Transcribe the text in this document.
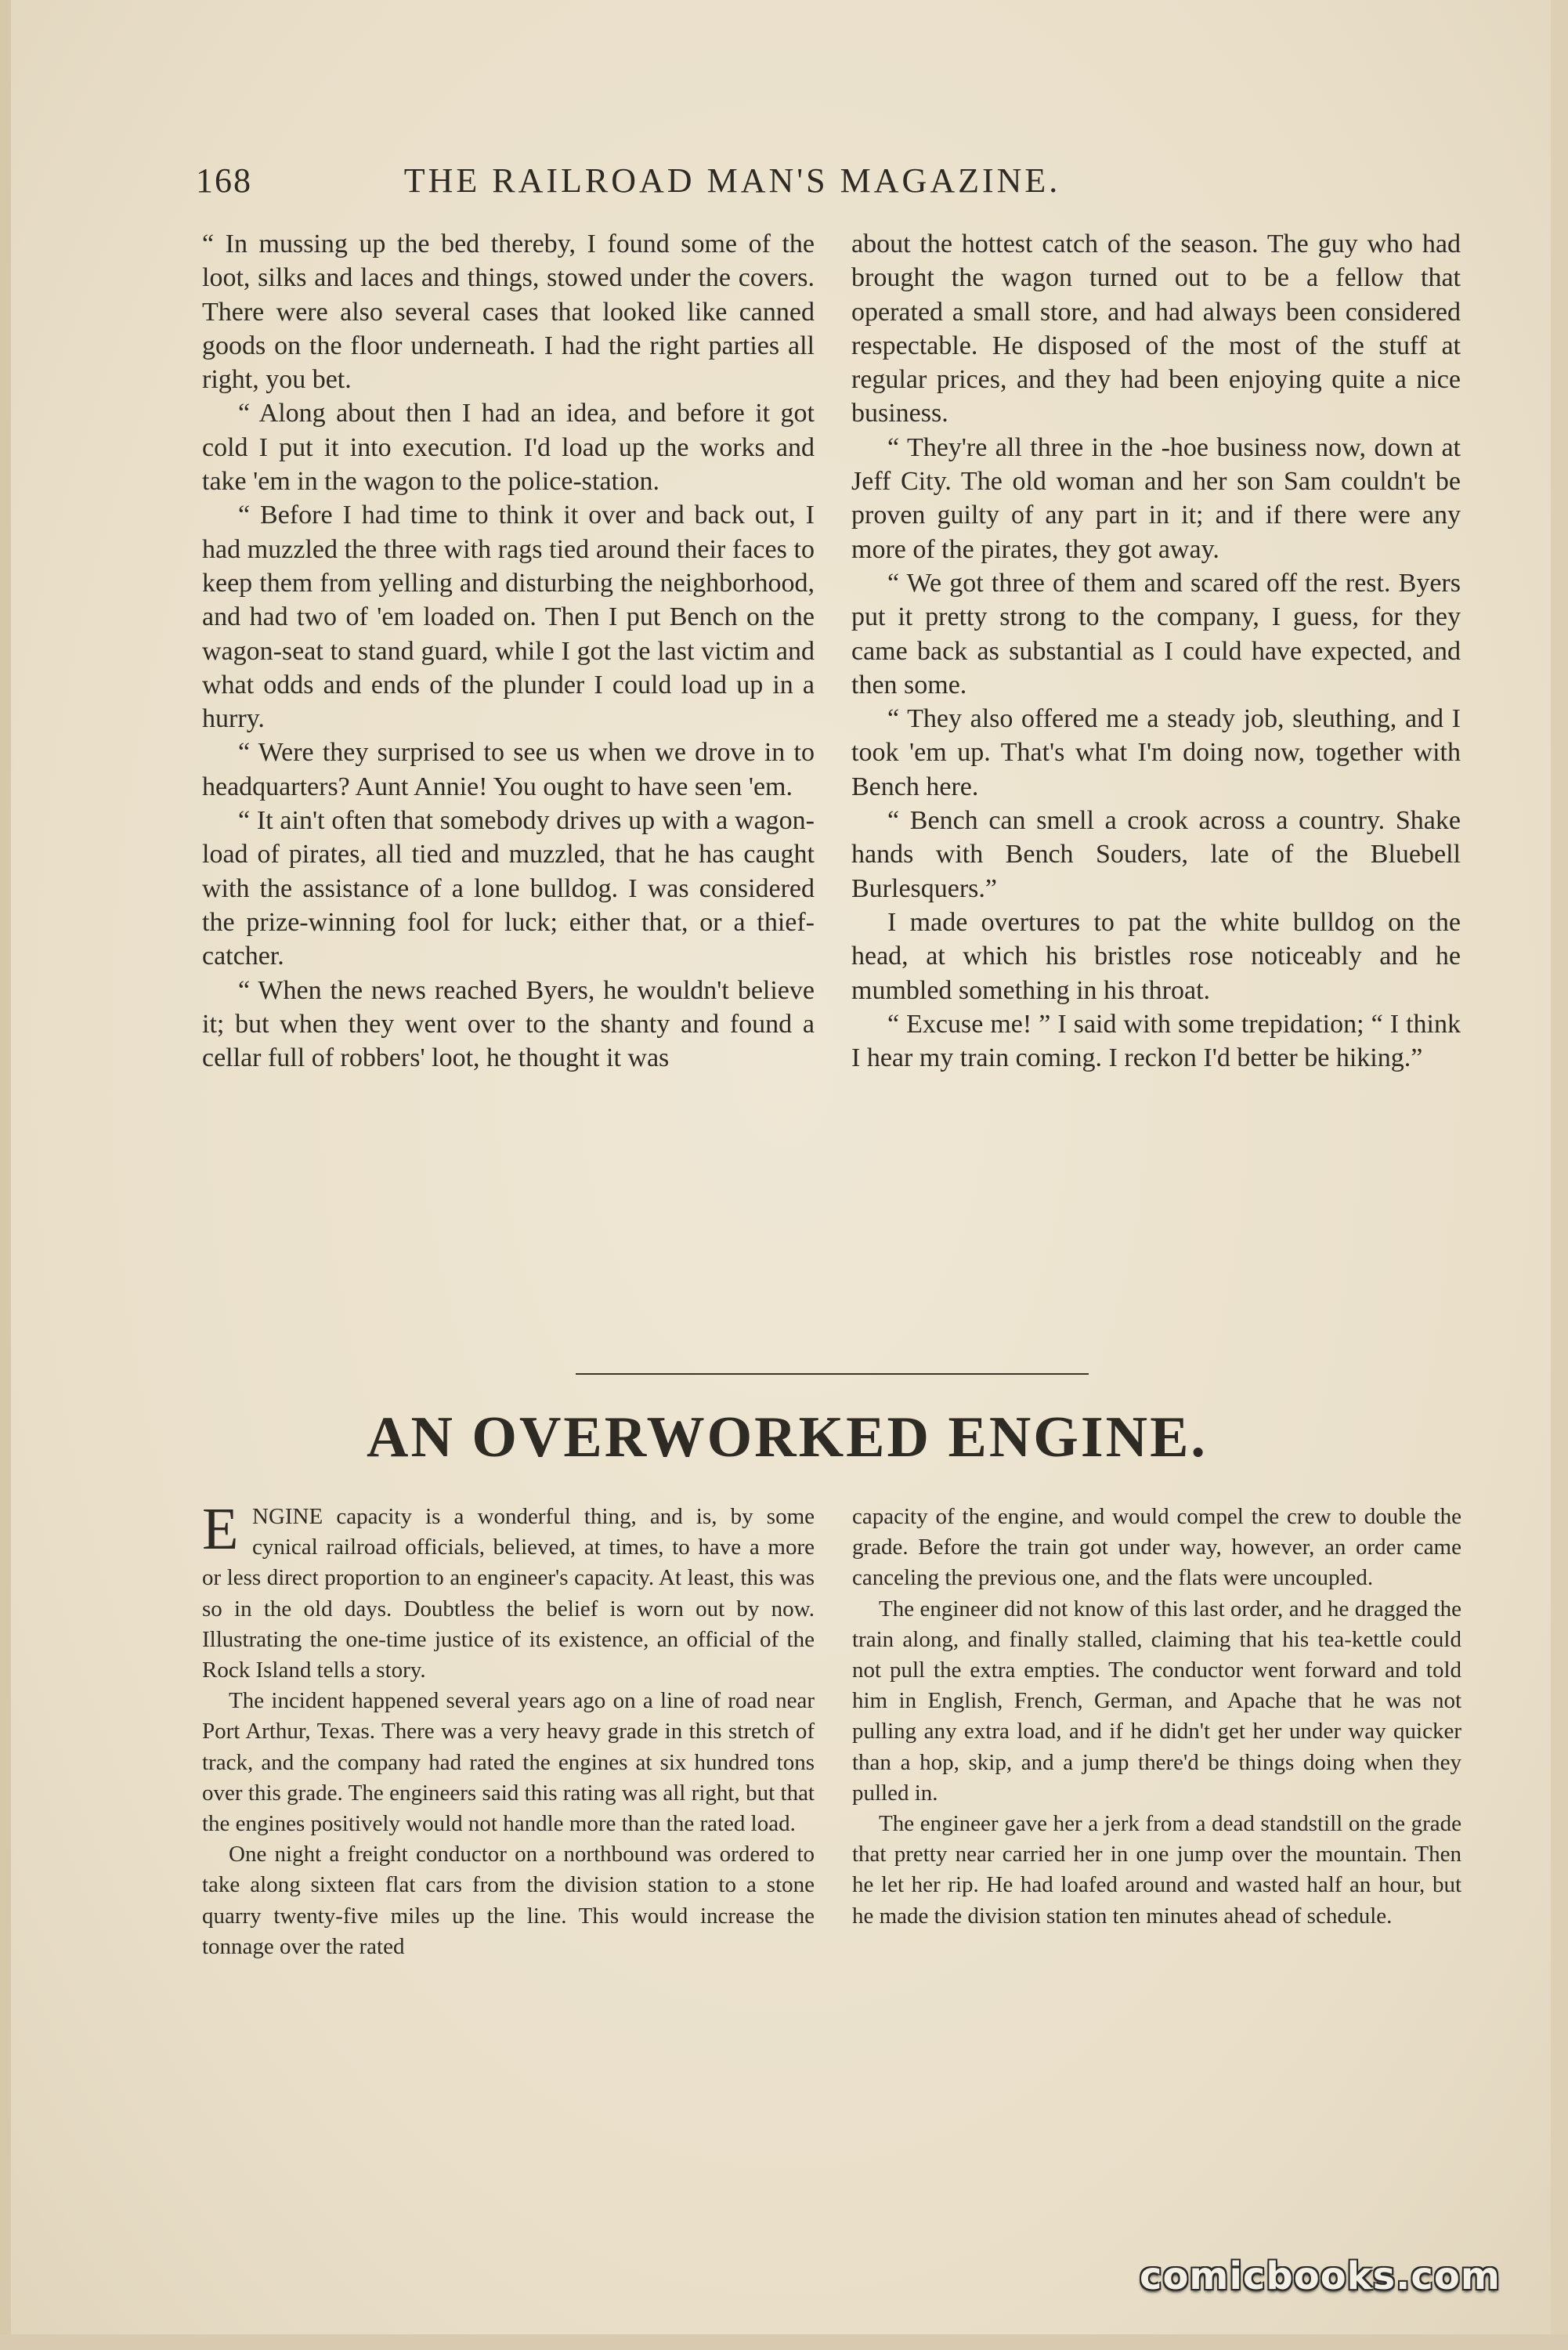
168	THE RAILROAD MAN'S MAGAZINE.

“ In mussing up the bed thereby, I found some of the loot, silks and laces and things, stowed under the covers. There were also several cases that looked like canned goods on the floor underneath. I had the right parties all right, you bet.

“ Along about then I had an idea, and before it got cold I put it into execution. I'd load up the works and take 'em in the wagon to the police-station.

“ Before I had time to think it over and back out, I had muzzled the three with rags tied around their faces to keep them from yelling and disturbing the neighborhood, and had two of 'em loaded on. Then I put Bench on the wagon-seat to stand guard, while I got the last victim and what odds and ends of the plunder I could load up in a hurry.

“ Were they surprised to see us when we drove in to headquarters? Aunt Annie! You ought to have seen 'em.

“ It ain't often that somebody drives up with a wagon-load of pirates, all tied and muzzled, that he has caught with the assistance of a lone bulldog. I was considered the prize-winning fool for luck; either that, or a thief-catcher.

“ When the news reached Byers, he wouldn't believe it; but when they went over to the shanty and found a cellar full of robbers' loot, he thought it was

about the hottest catch of the season. The guy who had brought the wagon turned out to be a fellow that operated a small store, and had always been considered respectable. He disposed of the most of the stuff at regular prices, and they had been enjoying quite a nice business.

“ They're all three in the -hoe business now, down at Jeff City. The old woman and her son Sam couldn't be proven guilty of any part in it; and if there were any more of the pirates, they got away.

“ We got three of them and scared off the rest. Byers put it pretty strong to the company, I guess, for they came back as substantial as I could have expected, and then some.

“ They also offered me a steady job, sleuthing, and I took 'em up. That's what I'm doing now, together with Bench here.

“ Bench can smell a crook across a country. Shake hands with Bench Souders, late of the Bluebell Burlesquers.”

I made overtures to pat the white bulldog on the head, at which his bristles rose noticeably and he mumbled something in his throat.

“ Excuse me! ” I said with some trepidation; “ I think I hear my train coming. I reckon I'd better be hiking.”

AN OVERWORKED ENGINE.

ENGINE capacity is a wonderful thing, and is, by some cynical railroad officials, believed, at times, to have a more or less direct proportion to an engineer's capacity. At least, this was so in the old days. Doubtless the belief is worn out by now. Illustrating the one-time justice of its existence, an official of the Rock Island tells a story.

The incident happened several years ago on a line of road near Port Arthur, Texas. There was a very heavy grade in this stretch of track, and the company had rated the engines at six hundred tons over this grade. The engineers said this rating was all right, but that the engines positively would not handle more than the rated load.

One night a freight conductor on a northbound was ordered to take along sixteen flat cars from the division station to a stone quarry twenty-five miles up the line. This would increase the tonnage over the rated

capacity of the engine, and would compel the crew to double the grade. Before the train got under way, however, an order came canceling the previous one, and the flats were uncoupled.

The engineer did not know of this last order, and he dragged the train along, and finally stalled, claiming that his tea-kettle could not pull the extra empties. The conductor went forward and told him in English, French, German, and Apache that he was not pulling any extra load, and if he didn't get her under way quicker than a hop, skip, and a jump there'd be things doing when they pulled in.

The engineer gave her a jerk from a dead standstill on the grade that pretty near carried her in one jump over the mountain. Then he let her rip. He had loafed around and wasted half an hour, but he made the division station ten minutes ahead of schedule.

comicbooks.com
